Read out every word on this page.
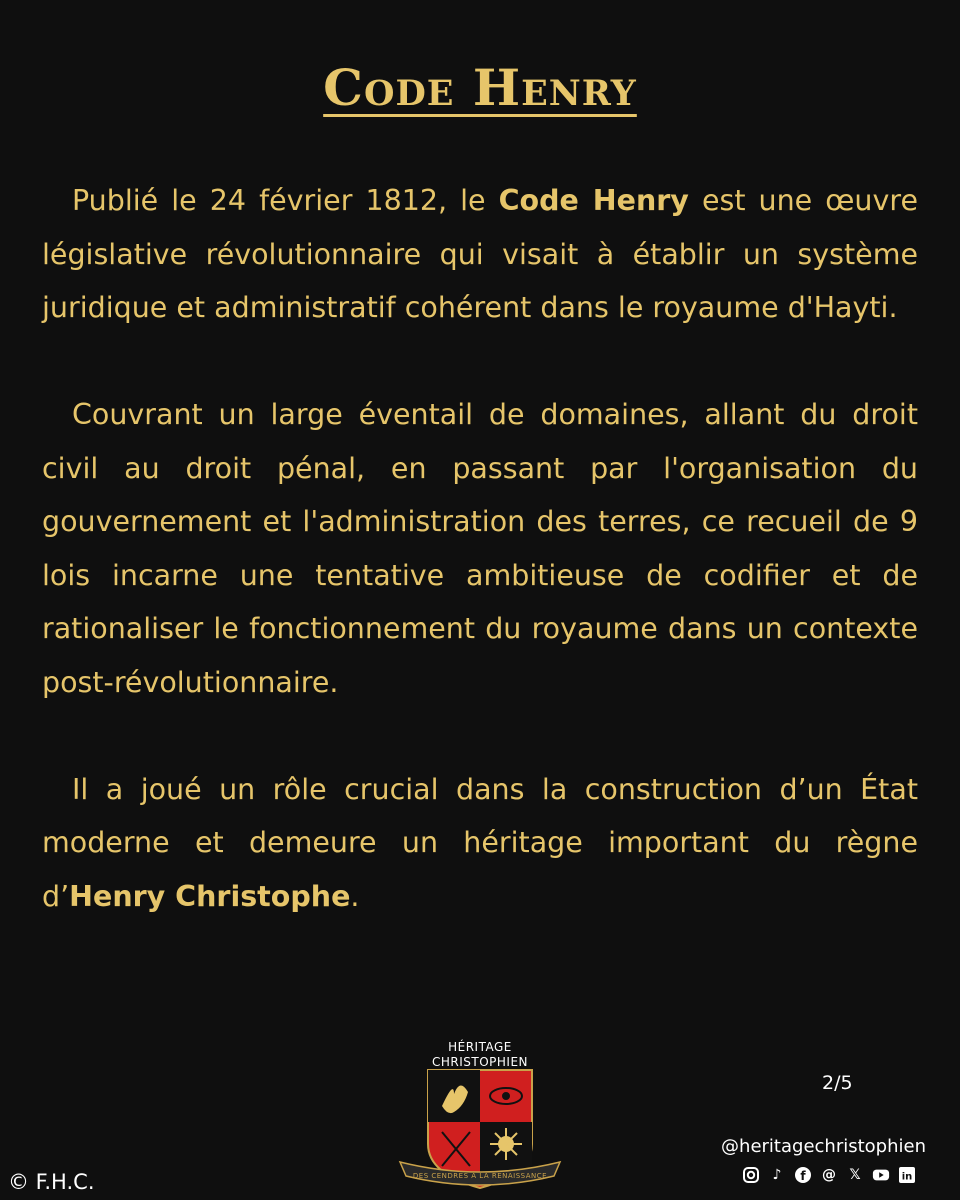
Code Henry

Publié le 24 février 1812, le Code Henry est une œuvre législative révolutionnaire qui visait à établir un système juridique et administratif cohérent dans le royaume d'Hayti.

Couvrant un large éventail de domaines, allant du droit civil au droit pénal, en passant par l'organisation du gouvernement et l'administration des terres, ce recueil de 9 lois incarne une tentative ambitieuse de codifier et de rationaliser le fonctionnement du royaume dans un contexte post-révolutionnaire.

Il a joué un rôle crucial dans la construction d’un État moderne et demeure un héritage important du règne d’Henry Christophe.

HÉRITAGE
CHRISTOPHIEN
DES CENDRES À LA RENAISSANCE
2/5
@heritagechristophien
♪	f @ 𝕏	in
© F.H.C.
